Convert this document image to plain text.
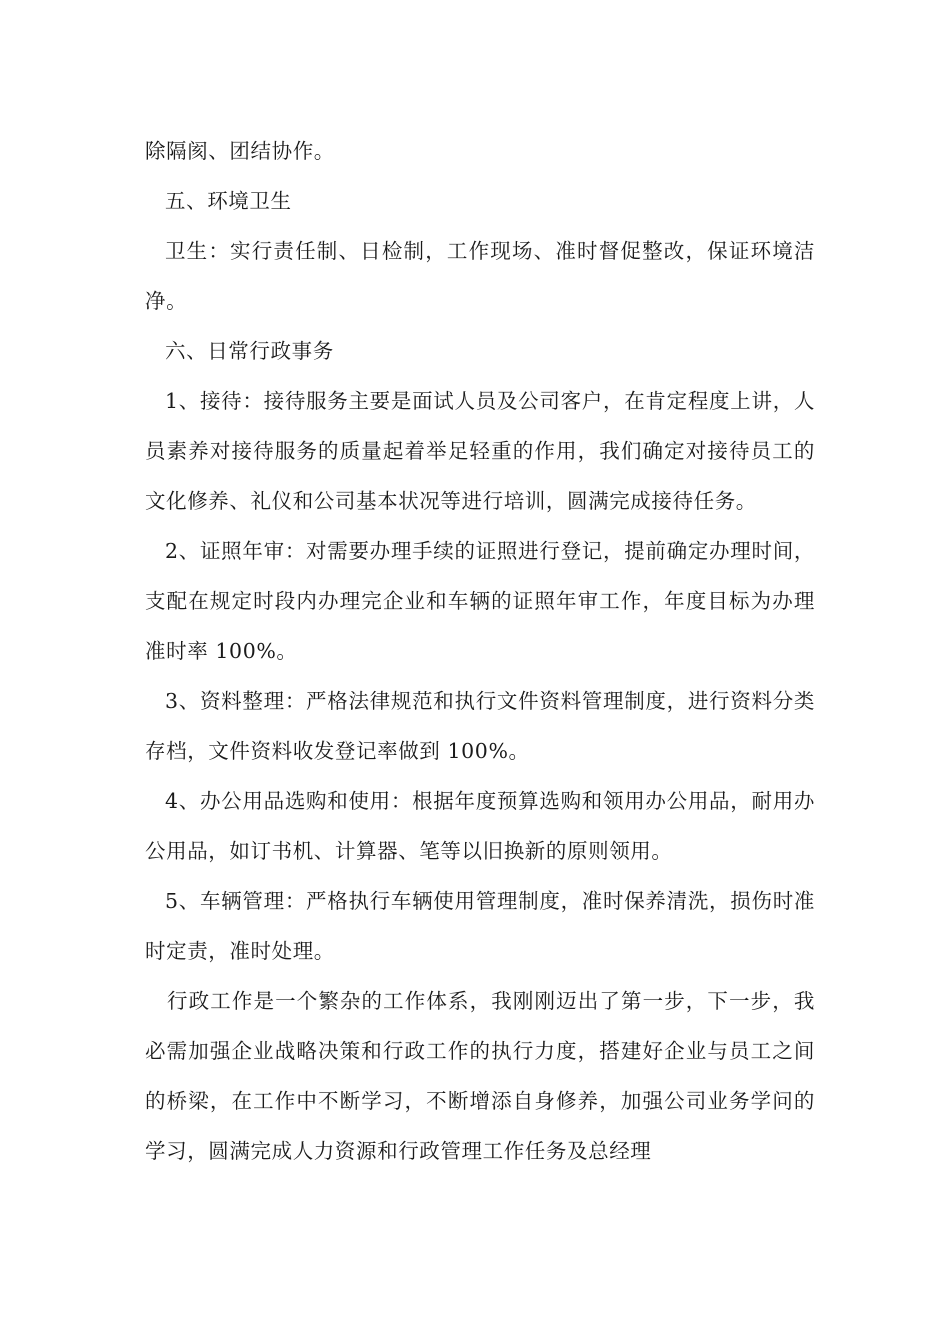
除隔阂、团结协作。

五、环境卫生

卫生：实行责任制、日检制，工作现场、准时督促整改，保证环境洁净。

六、日常行政事务

1、接待：接待服务主要是面试人员及公司客户，在肯定程度上讲，人员素养对接待服务的质量起着举足轻重的作用，我们确定对接待员工的文化修养、礼仪和公司基本状况等进行培训，圆满完成接待任务。

2、证照年审：对需要办理手续的证照进行登记，提前确定办理时间，支配在规定时段内办理完企业和车辆的证照年审工作，年度目标为办理准时率 100%。

3、资料整理：严格法律规范和执行文件资料管理制度，进行资料分类存档，文件资料收发登记率做到 100%。

4、办公用品选购和使用：根据年度预算选购和领用办公用品，耐用办公用品，如订书机、计算器、笔等以旧换新的原则领用。

5、车辆管理：严格执行车辆使用管理制度，准时保养清洗，损伤时准时定责，准时处理。

行政工作是一个繁杂的工作体系，我刚刚迈出了第一步，下一步，我必需加强企业战略决策和行政工作的执行力度，搭建好企业与员工之间的桥梁，在工作中不断学习，不断增添自身修养，加强公司业务学问的学习，圆满完成人力资源和行政管理工作任务及总经理
